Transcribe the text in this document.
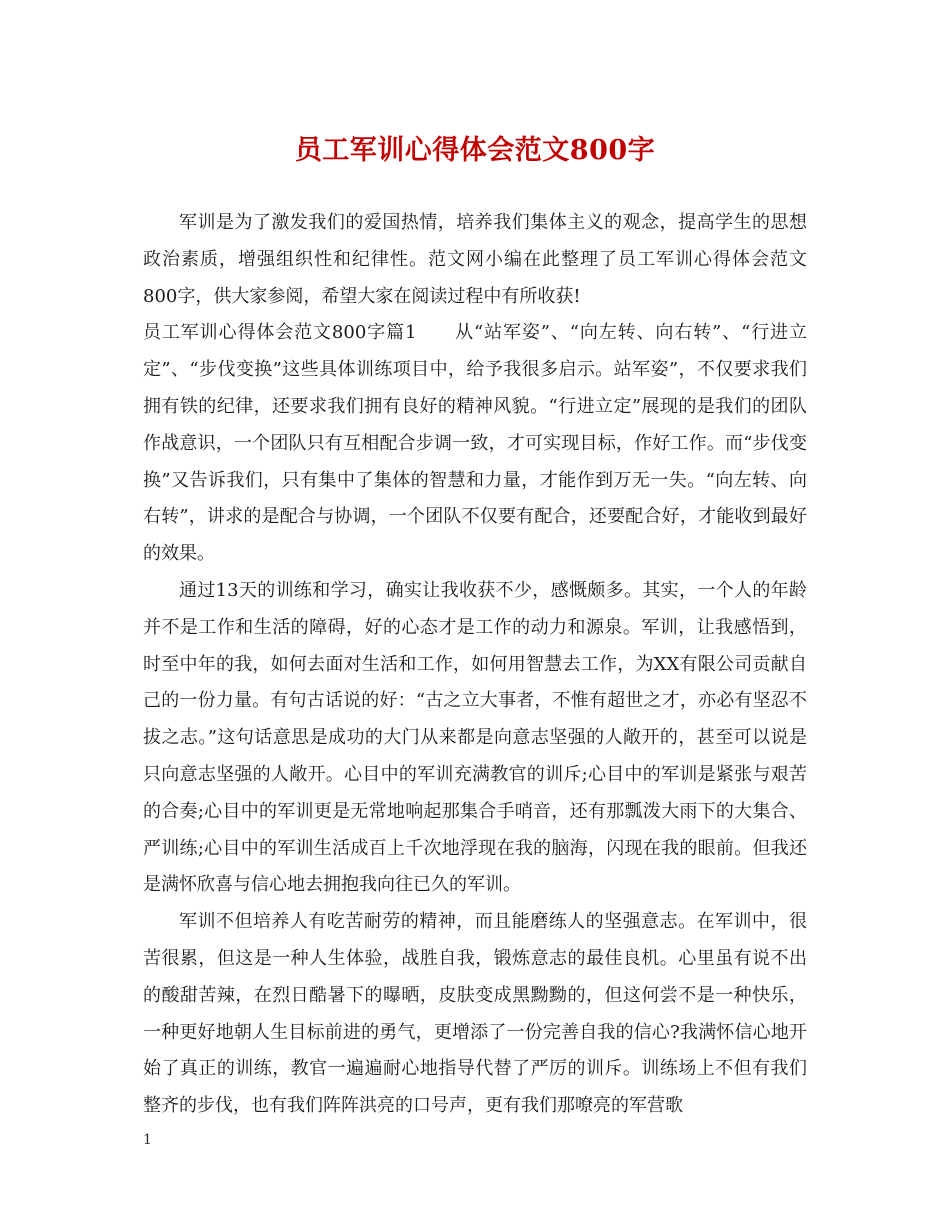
员工军训心得体会范文800字

军训是为了激发我们的爱国热情，培养我们集体主义的观念，提高学生的思想政治素质，增强组织性和纪律性。范文网小编在此整理了员工军训心得体会范文800字，供大家参阅，希望大家在阅读过程中有所收获!

员工军训心得体会范文800字篇1　　从“站军姿”、“向左转、向右转”、“行进立定”、“步伐变换”这些具体训练项目中，给予我很多启示。站军姿”，不仅要求我们拥有铁的纪律，还要求我们拥有良好的精神风貌。“行进立定”展现的是我们的团队作战意识，一个团队只有互相配合步调一致，才可实现目标，作好工作。而“步伐变换”又告诉我们，只有集中了集体的智慧和力量，才能作到万无一失。“向左转、向右转”，讲求的是配合与协调，一个团队不仅要有配合，还要配合好，才能收到最好的效果。

通过13天的训练和学习，确实让我收获不少，感慨颇多。其实，一个人的年龄并不是工作和生活的障碍，好的心态才是工作的动力和源泉。军训，让我感悟到，时至中年的我，如何去面对生活和工作，如何用智慧去工作，为XX有限公司贡献自己的一份力量。有句古话说的好：“古之立大事者，不惟有超世之才，亦必有坚忍不拔之志。”这句话意思是成功的大门从来都是向意志坚强的人敞开的，甚至可以说是只向意志坚强的人敞开。心目中的军训充满教官的训斥;心目中的军训是紧张与艰苦的合奏;心目中的军训更是无常地响起那集合手哨音，还有那瓢泼大雨下的大集合、严训练;心目中的军训生活成百上千次地浮现在我的脑海，闪现在我的眼前。但我还是满怀欣喜与信心地去拥抱我向往已久的军训。

军训不但培养人有吃苦耐劳的精神，而且能磨练人的坚强意志。在军训中，很苦很累，但这是一种人生体验，战胜自我，锻炼意志的最佳良机。心里虽有说不出的酸甜苦辣，在烈日酷暑下的曝晒，皮肤变成黑黝黝的，但这何尝不是一种快乐，一种更好地朝人生目标前进的勇气，更增添了一份完善自我的信心?我满怀信心地开始了真正的训练，教官一遍遍耐心地指导代替了严厉的训斥。训练场上不但有我们整齐的步伐，也有我们阵阵洪亮的口号声，更有我们那嘹亮的军营歌

1
